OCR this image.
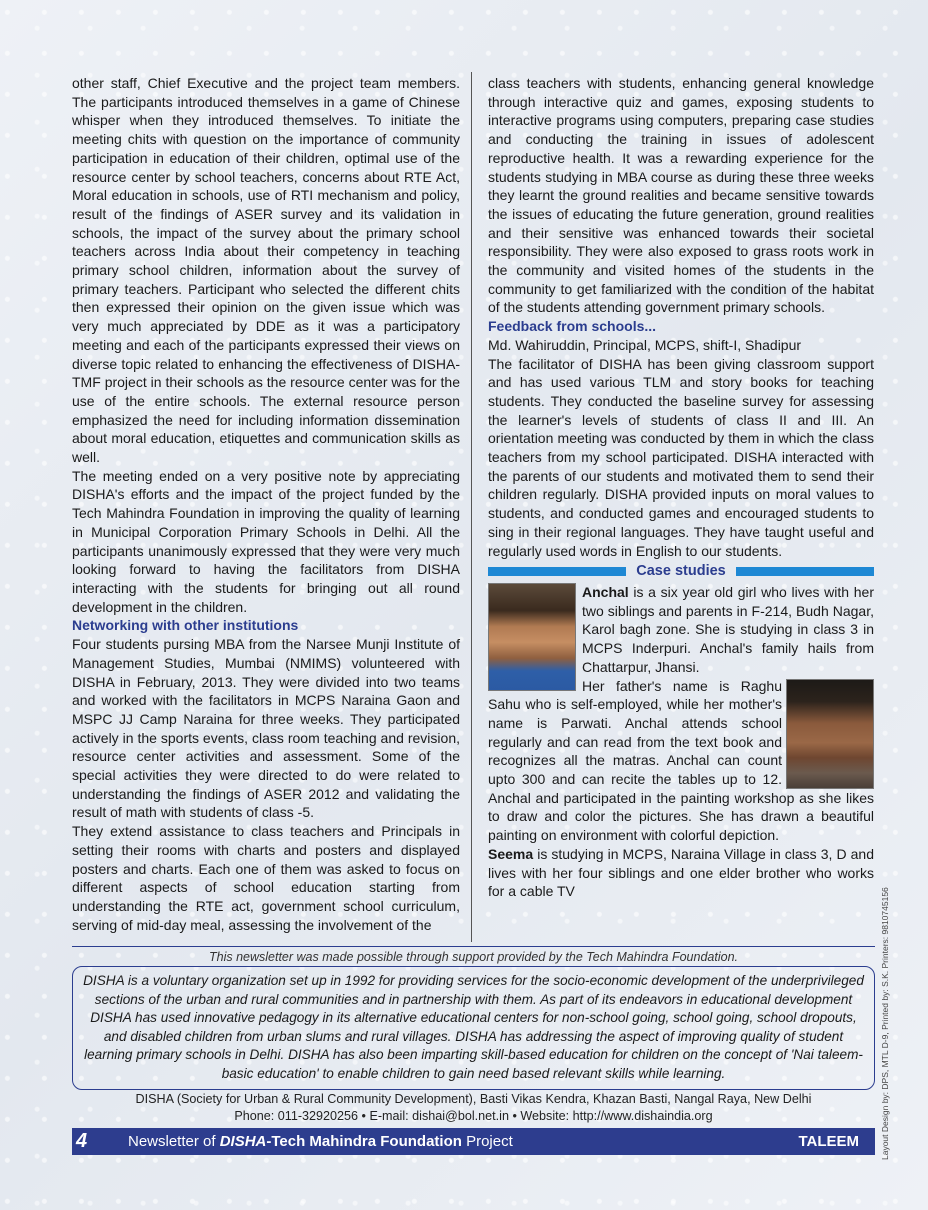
other staff, Chief Executive and the project team members. The participants introduced themselves in a game of Chinese whisper when they introduced themselves. To initiate the meeting chits with question on the importance of community participation in education of their children, optimal use of the resource center by school teachers, concerns about RTE Act, Moral education in schools, use of RTI mechanism and policy, result of the findings of ASER survey and its validation in schools, the impact of the survey about the primary school teachers across India about their competency in teaching primary school children, information about the survey of primary teachers. Participant who selected the different chits then expressed their opinion on the given issue which was very much appreciated by DDE as it was a participatory meeting and each of the participants expressed their views on diverse topic related to enhancing the effectiveness of DISHA-TMF project in their schools as the resource center was for the use of the entire schools. The external resource person emphasized the need for including information dissemination about moral education, etiquettes and communication skills as well.

The meeting ended on a very positive note by appreciating DISHA's efforts and the impact of the project funded by the Tech Mahindra Foundation in improving the quality of learning in Municipal Corporation Primary Schools in Delhi. All the participants unanimously expressed that they were very much looking forward to having the facilitators from DISHA interacting with the students for bringing out all round development in the children.

Networking with other institutions

Four students pursing MBA from the Narsee Munji Institute of Management Studies, Mumbai (NMIMS) volunteered with DISHA in February, 2013. They were divided into two teams and worked with the facilitators in MCPS Naraina Gaon and MSPC JJ Camp Naraina for three weeks. They participated actively in the sports events, class room teaching and revision, resource center activities and assessment. Some of the special activities they were directed to do were related to understanding the findings of ASER 2012 and validating the result of math with students of class -5.

They extend assistance to class teachers and Principals in setting their rooms with charts and posters and displayed posters and charts. Each one of them was asked to focus on different aspects of school education starting from understanding the RTE act, government school curriculum, serving of mid-day meal, assessing the involvement of the

class teachers with students, enhancing general knowledge through interactive quiz and games, exposing students to interactive programs using computers, preparing case studies and conducting the training in issues of adolescent reproductive health. It was a rewarding experience for the students studying in MBA course as during these three weeks they learnt the ground realities and became sensitive towards the issues of educating the future generation, ground realities and their sensitive was enhanced towards their societal responsibility. They were also exposed to grass roots work in the community and visited homes of the students in the community to get familiarized with the condition of the habitat of the students attending government primary schools.

Feedback from schools...

Md. Wahiruddin, Principal, MCPS, shift-I, Shadipur

The facilitator of DISHA has been giving classroom support and has used various TLM and story books for teaching students. They conducted the baseline survey for assessing the learner's levels of students of class II and III. An orientation meeting was conducted by them in which the class teachers from my school participated. DISHA interacted with the parents of our students and motivated them to send their children regularly. DISHA provided inputs on moral values to students, and conducted games and encouraged students to sing in their regional languages. They have taught useful and regularly used words in English to our students.

Case studies

Anchal is a six year old girl who lives with her two siblings and parents in F-214, Budh Nagar, Karol bagh zone. She is studying in class 3 in MCPS Inderpuri. Anchal's family hails from Chattarpur, Jhansi.

Her father's name is Raghu Sahu who is self-employed, while her mother's name is Parwati. Anchal attends school regularly and can read from the text book and recognizes all the matras. Anchal can count upto 300 and can recite the tables up to 12. Anchal and participated in the painting workshop as she likes to draw and color the pictures. She has drawn a beautiful painting on environment with colorful depiction.

Seema is studying in MCPS, Naraina Village in class 3, D and lives with her four siblings and one elder brother who works for a cable TV

This newsletter was made possible through support provided by the Tech Mahindra Foundation.
DISHA is a voluntary organization set up in 1992 for providing services for the socio-economic development of the underprivileged sections of the urban and rural communities and in partnership with them. As part of its endeavors in educational development DISHA has used innovative pedagogy in its alternative educational centers for non-school going, school going, school dropouts, and disabled children from urban slums and rural villages. DISHA has addressing the aspect of improving quality of student learning primary schools in Delhi. DISHA has also been imparting skill-based education for children on the concept of 'Nai taleem-basic education' to enable children to gain need based relevant skills while learning.
DISHA (Society for Urban & Rural Community Development), Basti Vikas Kendra, Khazan Basti, Nangal Raya, New Delhi
Phone: 011-32920256 • E-mail: dishai@bol.net.in • Website: http://www.dishaindia.org
4	Newsletter of DISHA-Tech Mahindra Foundation Project	TALEEM	Layout Design by: DPS, MTL D-9, Printed by: S.K. Printers: 9810745156
